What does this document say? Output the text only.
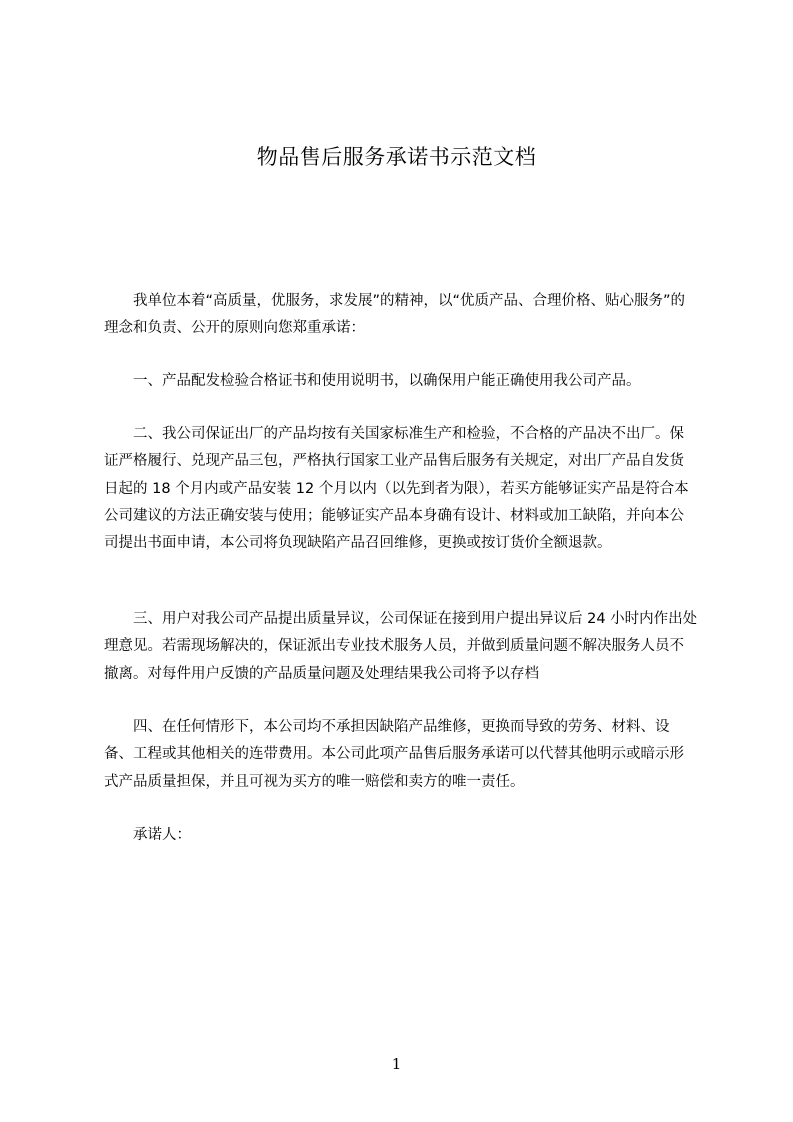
物品售后服务承诺书示范文档

我单位本着“高质量，优服务，求发展”的精神，以“优质产品、合理价格、贴心服务”的理念和负责、公开的原则向您郑重承诺：

一、产品配发检验合格证书和使用说明书，以确保用户能正确使用我公司产品。

二、我公司保证出厂的产品均按有关国家标准生产和检验，不合格的产品决不出厂。保证严格履行、兑现产品三包，严格执行国家工业产品售后服务有关规定，对出厂产品自发货日起的 18 个月内或产品安装 12 个月以内（以先到者为限），若买方能够证实产品是符合本公司建议的方法正确安装与使用；能够证实产品本身确有设计、材料或加工缺陷，并向本公司提出书面申请，本公司将负现缺陷产品召回维修，更换或按订货价全额退款。

三、用户对我公司产品提出质量异议，公司保证在接到用户提出异议后 24 小时内作出处理意见。若需现场解决的，保证派出专业技术服务人员，并做到质量问题不解决服务人员不撤离。对每件用户反馈的产品质量问题及处理结果我公司将予以存档

四、在任何情形下，本公司均不承担因缺陷产品维修，更换而导致的劳务、材料、设备、工程或其他相关的连带费用。本公司此项产品售后服务承诺可以代替其他明示或暗示形式产品质量担保，并且可视为买方的唯一赔偿和卖方的唯一责任。

承诺人：

1
